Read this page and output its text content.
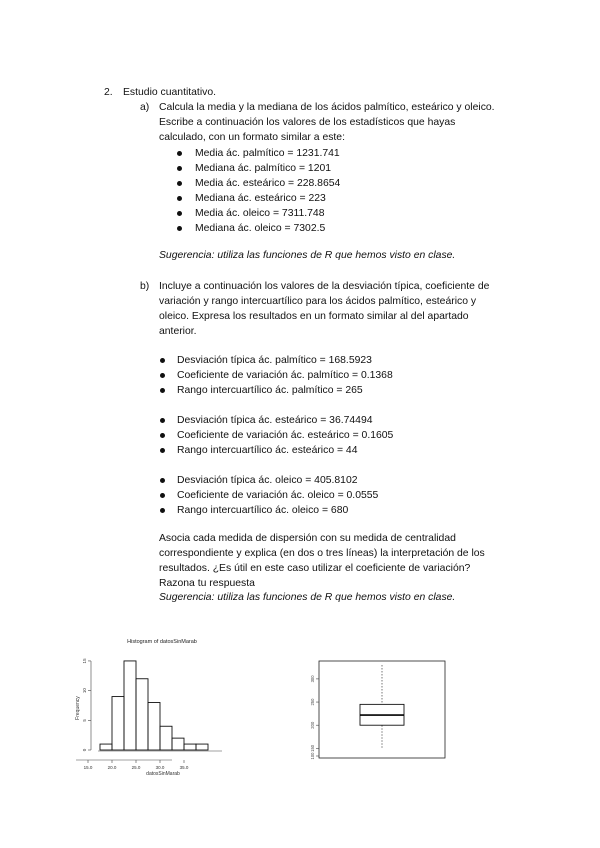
2. Estudio cuantitativo.
a) Calcula la media y la mediana de los ácidos palmítico, esteárico y oleico.
Escribe a continuación los valores de los estadísticos que hayas
calculado, con un formato similar a este:
Media ác. palmítico = 1231.741
Mediana ác. palmítico = 1201
Media ác. esteárico = 228.8654
Mediana ác. esteárico = 223
Media ác. oleico = 7311.748
Mediana ác. oleico = 7302.5
Sugerencia: utiliza las funciones de R que hemos visto en clase.
b) Incluye a continuación los valores de la desviación típica, coeficiente de
variación y rango intercuartílico para los ácidos palmítico, esteárico y
oleico. Expresa los resultados en un formato similar al del apartado
anterior.
Desviación típica ác. palmítico = 168.5923
Coeficiente de variación ác. palmítico = 0.1368
Rango intercuartílico ác. palmítico = 265
Desviación típica ác. esteárico = 36.74494
Coeficiente de variación ác. esteárico = 0.1605
Rango intercuartílico ác. esteárico = 44
Desviación típica ác. oleico = 405.8102
Coeficiente de variación ác. oleico = 0.0555
Rango intercuartílico ác. oleico = 680
Asocia cada medida de dispersión con su medida de centralidad
correspondiente y explica (en dos o tres líneas) la interpretación de los
resultados. ¿Es útil en este caso utilizar el coeficiente de variación?
Razona tu respuesta
Sugerencia: utiliza las funciones de R que hemos visto en clase.
Histogram of datosSinMarab
Frequency
datosSinMarab
0
5
10
15
15.0	20.0	25.0	30.0	35.0
300
250
200
150
100
